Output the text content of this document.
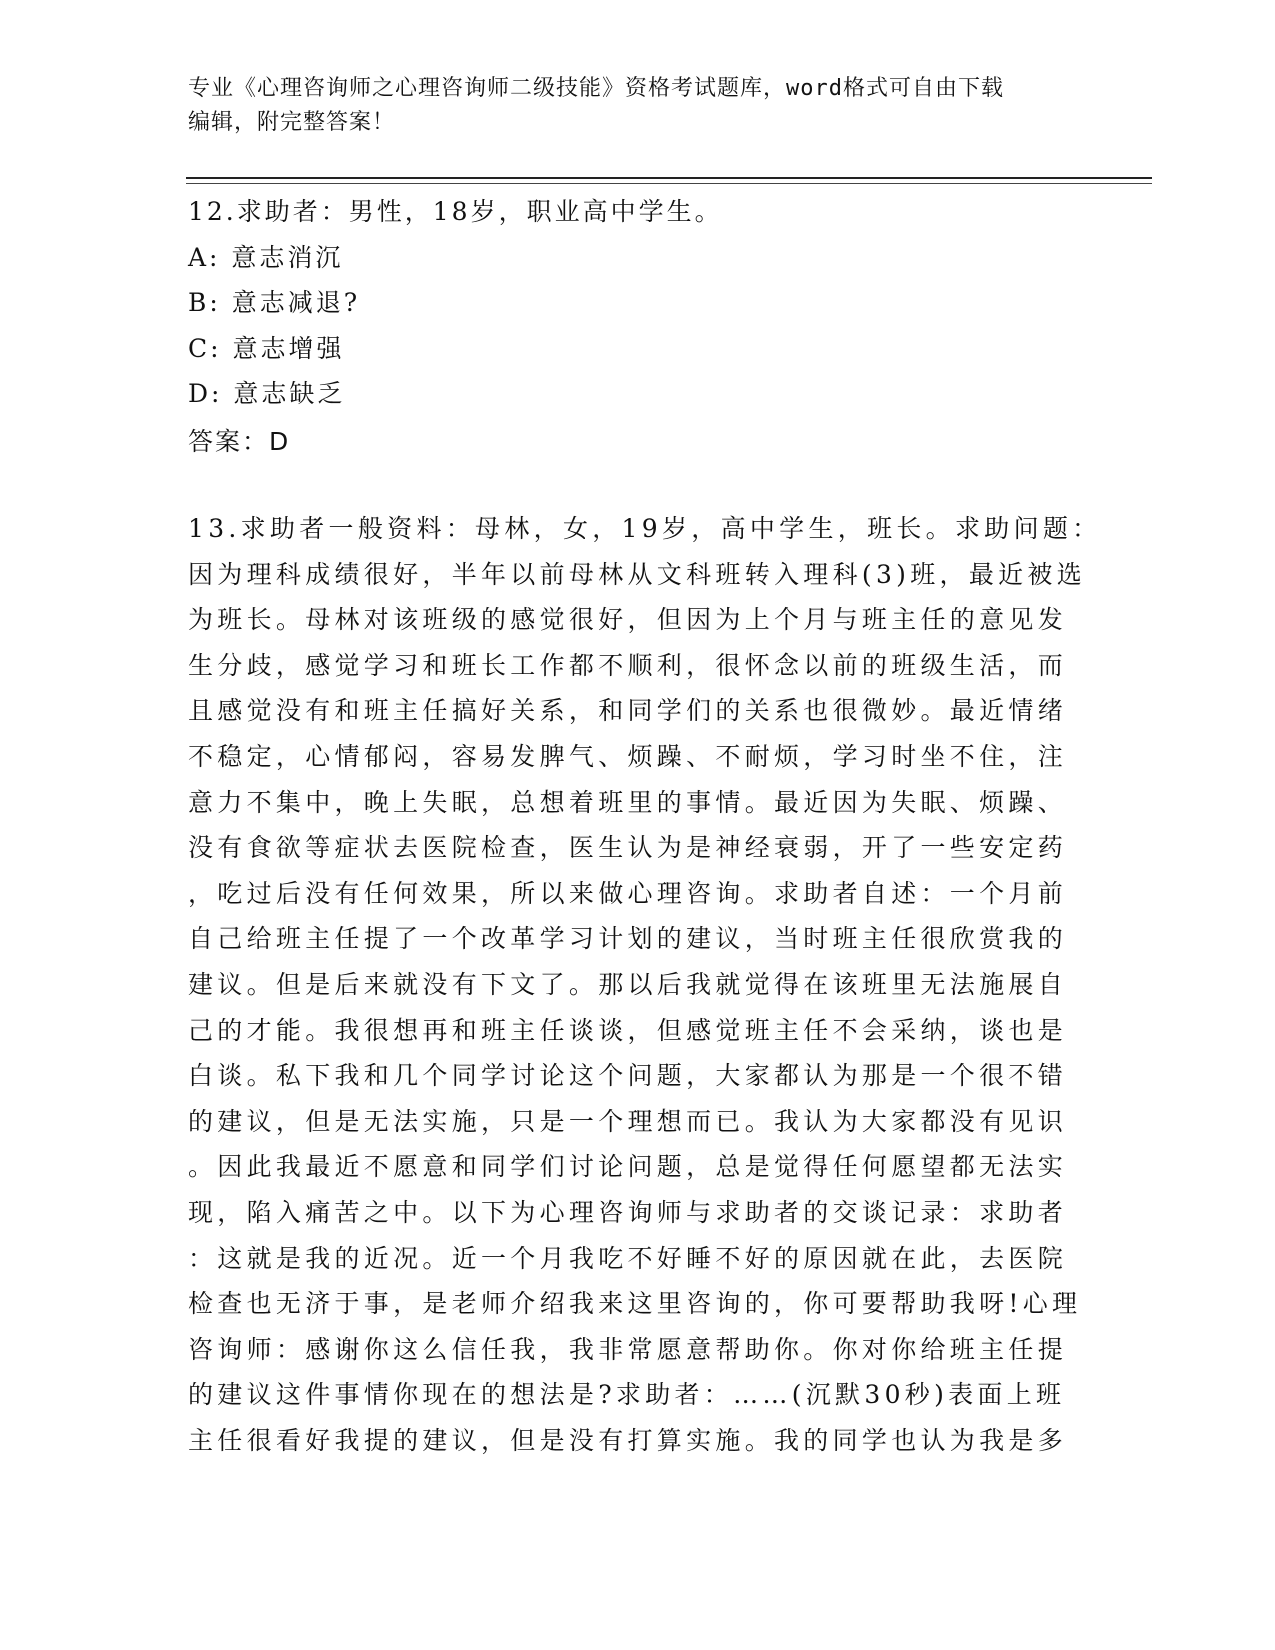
专业《心理咨询师之心理咨询师二级技能》资格考试题库，word格式可自由下载
编辑，附完整答案！
12.求助者：男性，18岁，职业高中学生。
A: 意志消沉
B: 意志减退?
C: 意志增强
D: 意志缺乏
答案：D
13.求助者一般资料：母林，女，19岁，高中学生，班长。求助问题：
因为理科成绩很好，半年以前母林从文科班转入理科(3)班，最近被选
为班长。母林对该班级的感觉很好，但因为上个月与班主任的意见发
生分歧，感觉学习和班长工作都不顺利，很怀念以前的班级生活，而
且感觉没有和班主任搞好关系，和同学们的关系也很微妙。最近情绪
不稳定，心情郁闷，容易发脾气、烦躁、不耐烦，学习时坐不住，注
意力不集中，晚上失眠，总想着班里的事情。最近因为失眠、烦躁、
没有食欲等症状去医院检查，医生认为是神经衰弱，开了一些安定药
，吃过后没有任何效果，所以来做心理咨询。求助者自述：一个月前
自己给班主任提了一个改革学习计划的建议，当时班主任很欣赏我的
建议。但是后来就没有下文了。那以后我就觉得在该班里无法施展自
己的才能。我很想再和班主任谈谈，但感觉班主任不会采纳，谈也是
白谈。私下我和几个同学讨论这个问题，大家都认为那是一个很不错
的建议，但是无法实施，只是一个理想而已。我认为大家都没有见识
。因此我最近不愿意和同学们讨论问题，总是觉得任何愿望都无法实
现，陷入痛苦之中。以下为心理咨询师与求助者的交谈记录：求助者
：这就是我的近况。近一个月我吃不好睡不好的原因就在此，去医院
检查也无济于事，是老师介绍我来这里咨询的，你可要帮助我呀!心理
咨询师：感谢你这么信任我，我非常愿意帮助你。你对你给班主任提
的建议这件事情你现在的想法是?求助者：……(沉默30秒)表面上班
主任很看好我提的建议，但是没有打算实施。我的同学也认为我是多
